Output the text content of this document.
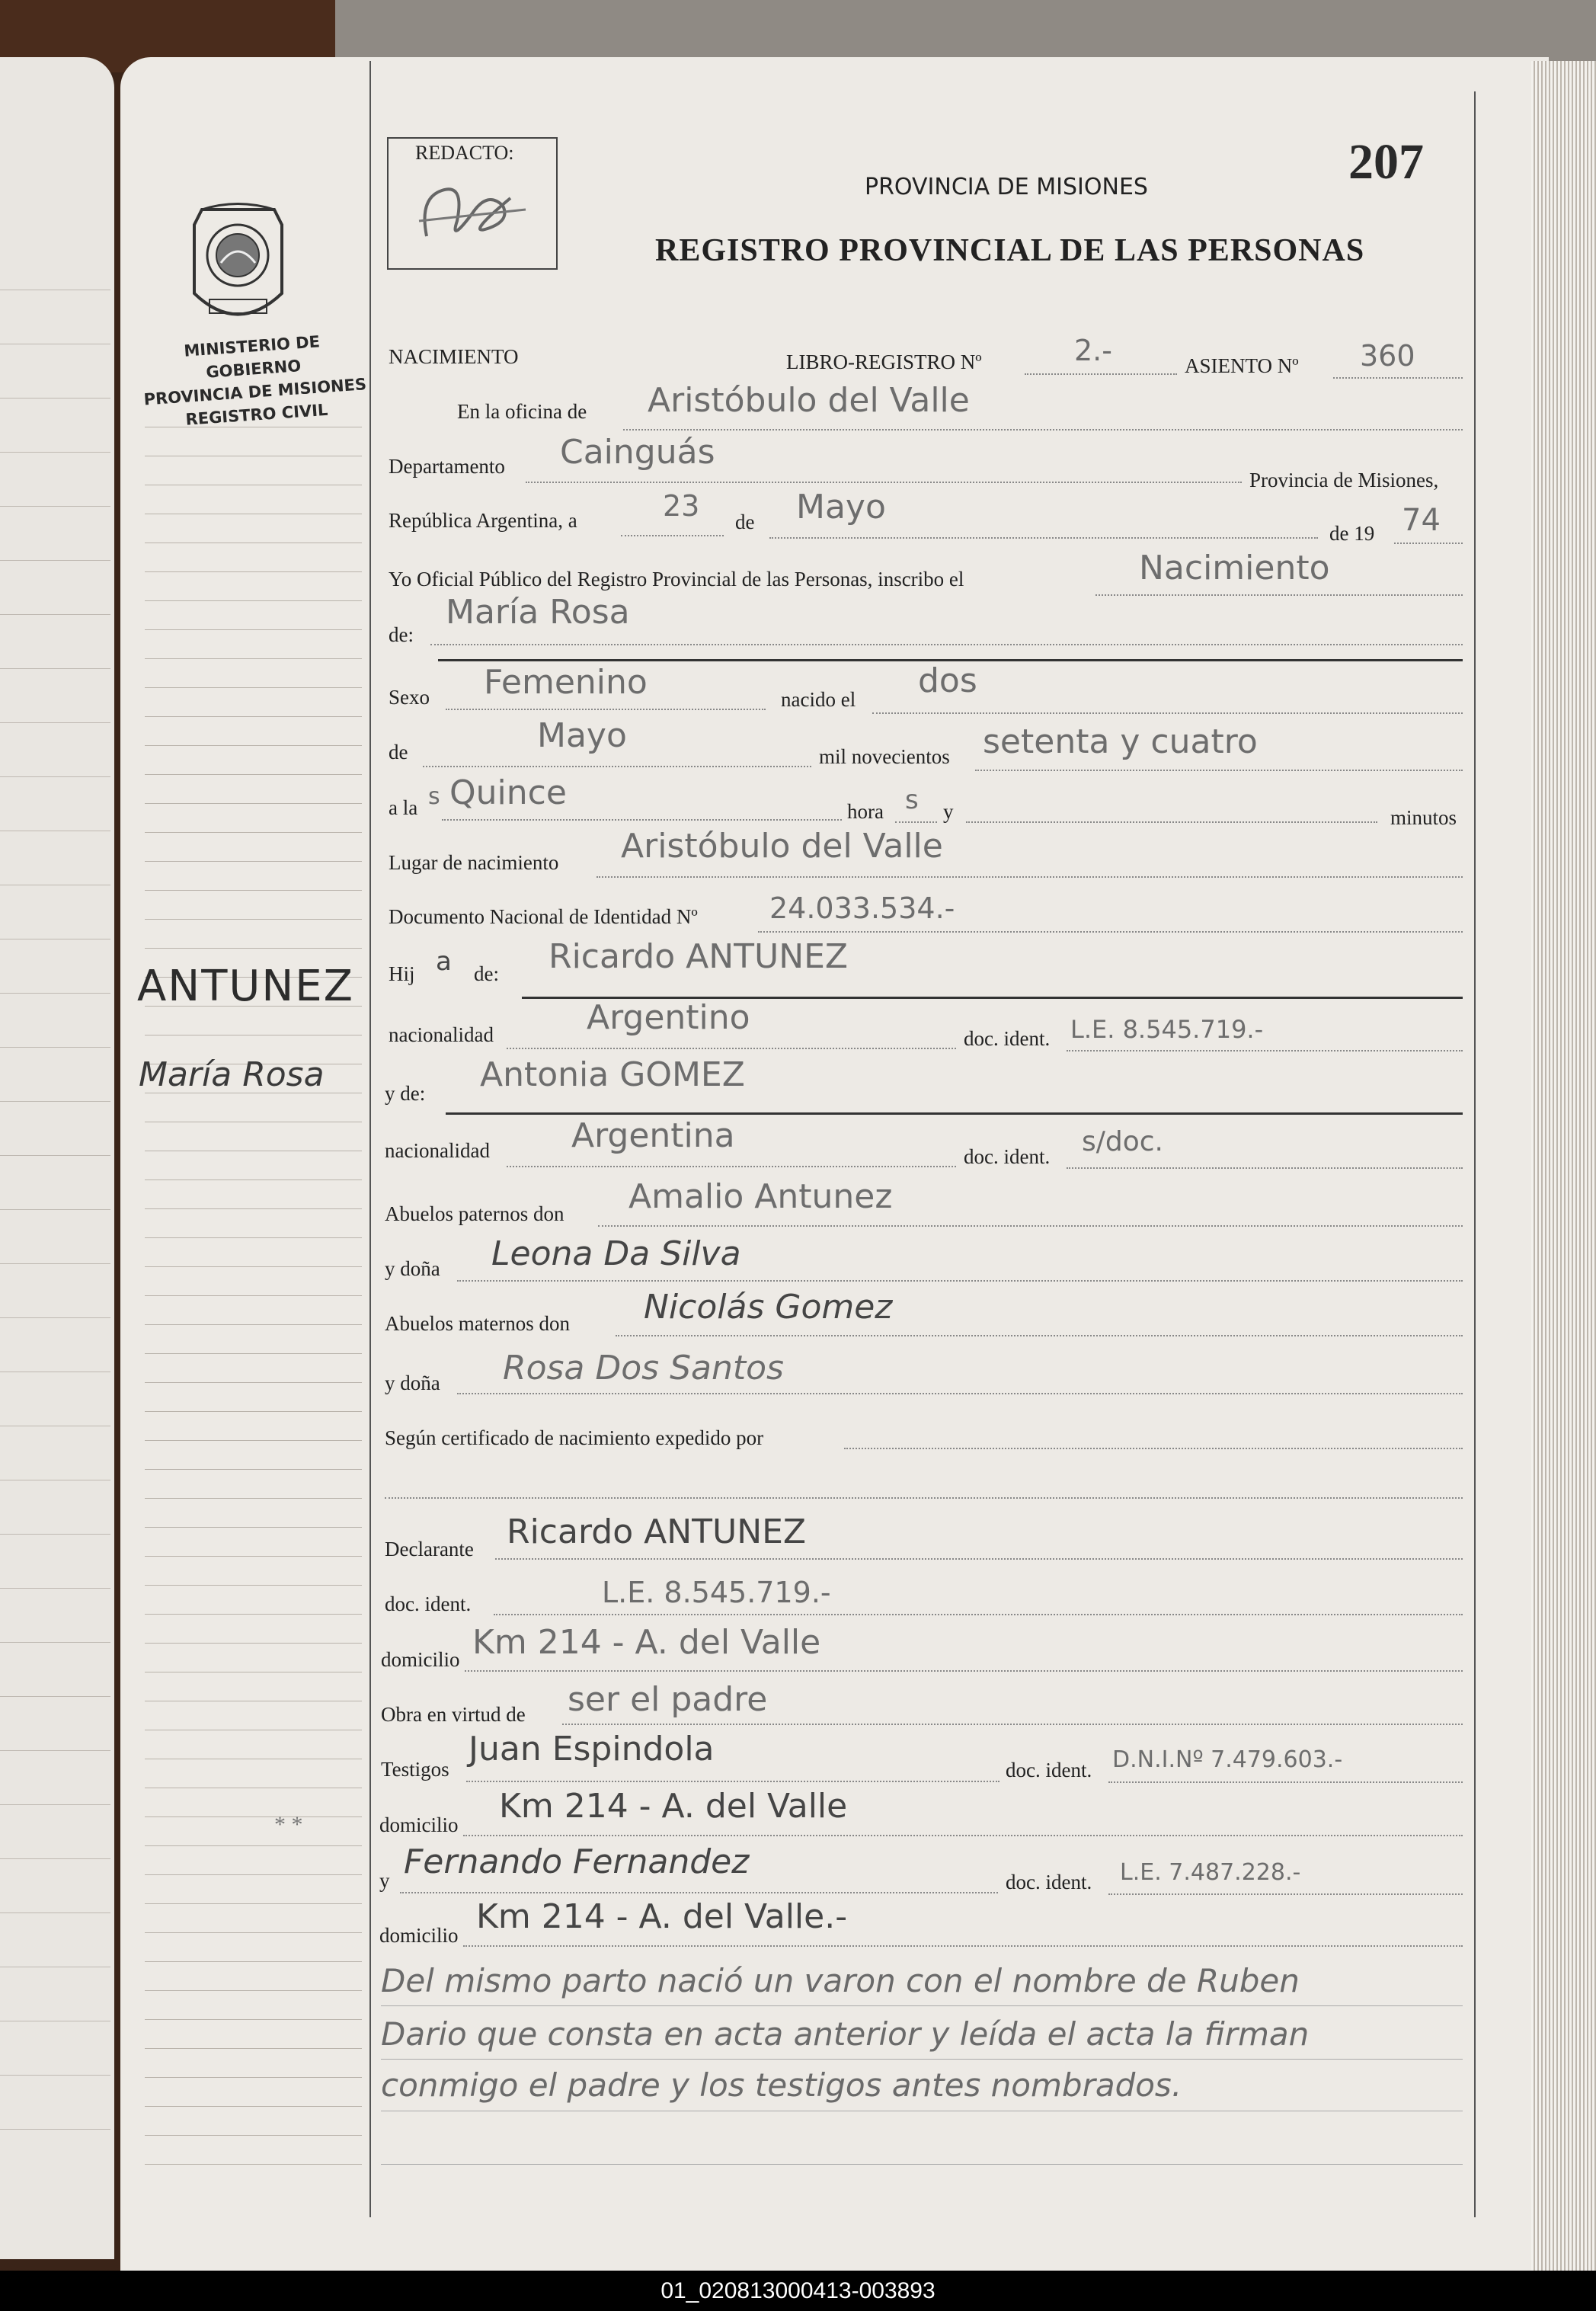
MINISTERIO DE GOBIERNO
PROVINCIA DE MISIONES
REGISTRO CIVIL
ANTUNEZ
María Rosa
* *
REDACTO:	207
PROVINCIA DE MISIONES
REGISTRO PROVINCIAL DE LAS PERSONAS
NACIMIENTO	LIBRO-REGISTRO Nº	2.-	ASIENTO Nº 360
En la oficina de Aristóbulo del Valle
Departamento Cainguás
Provincia de Misiones,
República Argentina, a	23 de Mayo
de 19 74
Yo Oficial Público del Registro Provincial de las Personas, inscribo el	Nacimiento
de:
María Rosa
Sexo Femenino	nacido el dos
de	Mayo
mil novecientos setenta y cuatro
a la s Quince	hora s y	minutos
Lugar de nacimiento Aristóbulo del Valle
Documento Nacional de Identidad Nº 24.033.534.-
Hij a de: Ricardo ANTUNEZ
nacionalidad	Argentino
doc. ident. L.E. 8.545.719.-
y de: Antonia GOMEZ
nacionalidad Argentina
doc. ident. s/doc.
Abuelos paternos don Amalio Antunez
y doña Leona Da Silva
Abuelos maternos don Nicolás Gomez
y doña Rosa Dos Santos
Según certificado de nacimiento expedido por
Declarante Ricardo ANTUNEZ
doc. ident.	L.E. 8.545.719.-
domicilio Km 214 - A. del Valle
Obra en virtud de ser el padre
Testigos
Juan Espindola
doc. ident. D.N.I.Nº 7.479.603.-
domicilio Km 214 - A. del Valle
y Fernando Fernandez
doc. ident. L.E. 7.487.228.-
domicilio Km 214 - A. del Valle.-
Del mismo parto nació un varon con el nombre de Ruben
Dario que consta en acta anterior y leída el acta la firman
conmigo el padre y los testigos antes nombrados.
01_020813000413-003893
